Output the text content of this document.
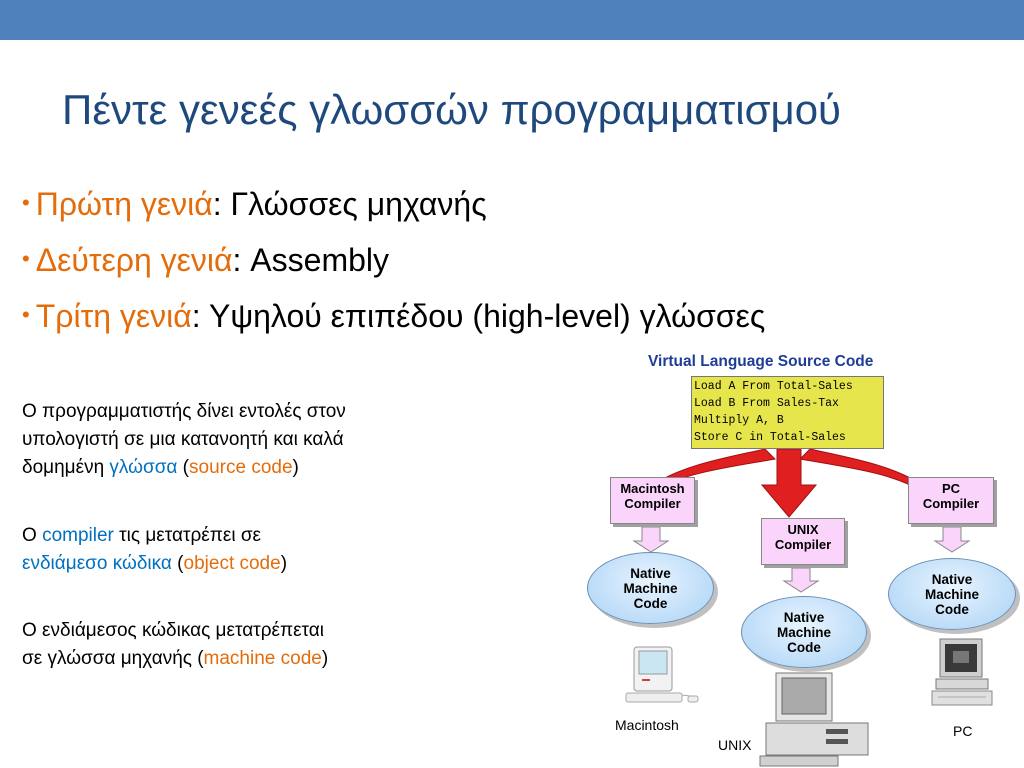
Πέντε γενεές γλωσσών προγραμματισμού
• Πρώτη γενιά: Γλώσσες μηχανής
• Δεύτερη γενιά: Assembly
• Τρίτη γενιά: Υψηλού επιπέδου (high-level) γλώσσες
Ο προγραμματιστής δίνει εντολές στον
υπολογιστή σε μια κατανοητή και καλά
δομημένη γλώσσα (source code)
Ο compiler τις μετατρέπει σε
ενδιάμεσο κώδικα (object code)
Ο ενδιάμεσος κώδικας μετατρέπεται
σε γλώσσα μηχανής (machine code)
Virtual Language Source Code
Load A From Total-Sales
Load B From Sales-Tax
Multiply A, B
Store C in Total-Sales
Macintosh
Compiler
UNIX
Compiler
PC
Compiler
Native
Machine
Code
Native
Machine
Code
Native
Machine
Code
Macintosh
UNIX
PC
